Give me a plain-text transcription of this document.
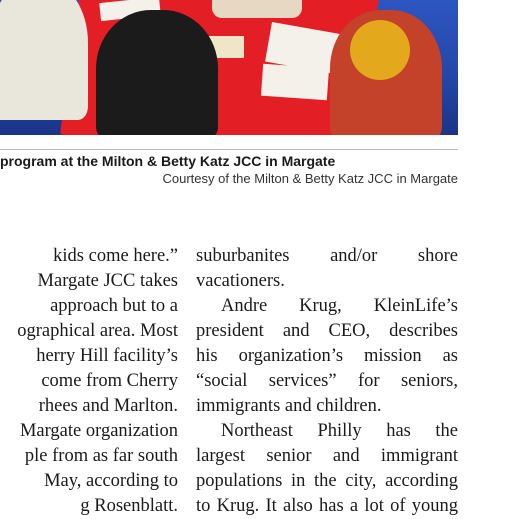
program at the Milton & Betty Katz JCC in Margate
Courtesy of the Milton & Betty Katz JCC in Margate
kids come here.”
Margate JCC takes
approach but to a
ographical area. Most
herry Hill facility’s
come from Cherry
rhees and Marlton.
Margate organization
ple from as far south
May, according to
g Rosenblatt.
suburbanites and/or shore
vacationers.
Andre Krug, KleinLife’s
president and CEO, describes
his organization’s mission as
“social services” for seniors,
immigrants and children.
Northeast Philly has the
largest senior and immigrant
populations in the city, according
to Krug. It also has a lot of young
